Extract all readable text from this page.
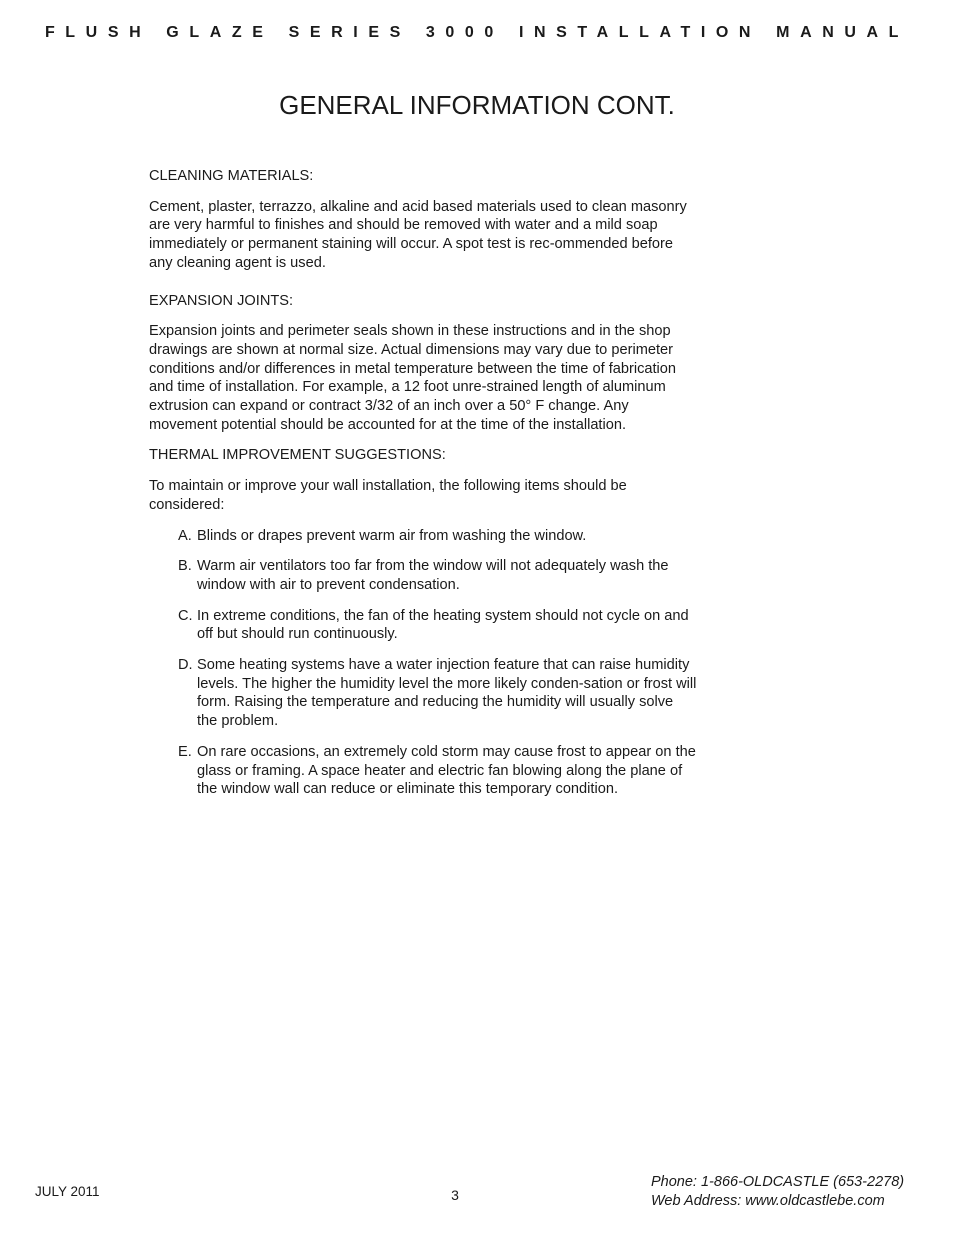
FLUSH GLAZE SERIES 3000 INSTALLATION MANUAL
GENERAL INFORMATION CONT.

CLEANING MATERIALS:

Cement, plaster, terrazzo, alkaline and acid based materials used to clean masonry are very harmful to finishes and should be removed with water and a mild soap immediately or permanent staining will occur. A spot test is rec-ommended before any cleaning agent is used.

EXPANSION JOINTS:

Expansion joints and perimeter seals shown in these instructions and in the shop drawings are shown at normal size. Actual dimensions may vary due to perimeter conditions and/or differences in metal temperature between the time of fabrication and time of installation. For example, a 12 foot unre-strained length of aluminum extrusion can expand or contract 3/32 of an inch over a 50° F change. Any movement potential should be accounted for at the time of the installation.

THERMAL IMPROVEMENT SUGGESTIONS:

To maintain or improve your wall installation, the following items should be considered:

A. Blinds or drapes prevent warm air from washing the window.
B. Warm air ventilators too far from the window will not adequately wash the window with air to prevent condensation.
C. In extreme conditions, the fan of the heating system should not cycle on and off but should run continuously.
D. Some heating systems have a water injection feature that can raise humidity levels. The higher the humidity level the more likely conden-sation or frost will form. Raising the temperature and reducing the humidity will usually solve the problem.
E. On rare occasions, an extremely cold storm may cause frost to appear on the glass or framing. A space heater and electric fan blowing along the plane of the window wall can reduce or eliminate this temporary condition.
JULY 2011	3
Phone: 1-866-OLDCASTLE (653-2278)
Web Address: www.oldcastlebe.com
